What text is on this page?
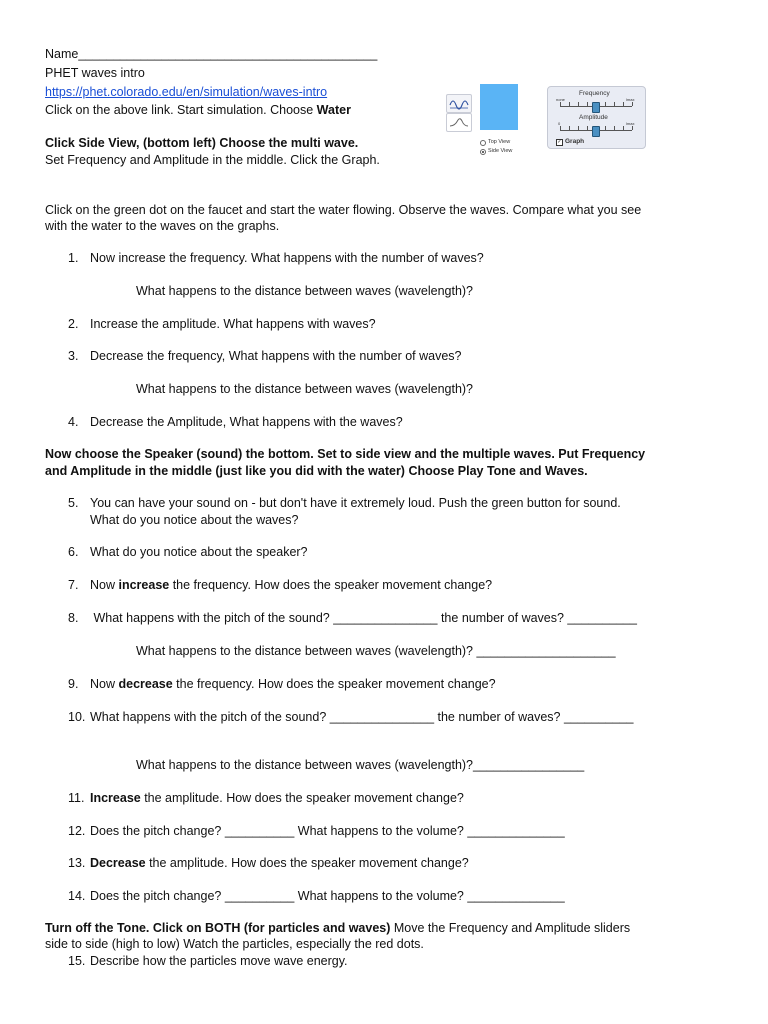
Name___________________________________________
PHET waves intro
https://phet.colorado.edu/en/simulation/waves-intro
Click on the above link. Start simulation. Choose Water
Click Side View, (bottom left) Choose the multi wave.
Set Frequency and Amplitude in the middle. Click the Graph.
Top View
Side View
Frequency
none	lmax
Amplitude
0	lmax
✓ Graph
Click on the green dot on the faucet and start the water flowing. Observe the waves. Compare what you see
with the water to the waves on the graphs.
1. Now increase the frequency. What happens with the number of waves?
What happens to the distance between waves (wavelength)?
2. Increase the amplitude. What happens with waves?
3. Decrease the frequency, What happens with the number of waves?
What happens to the distance between waves (wavelength)?
4. Decrease the Amplitude, What happens with the waves?
Now choose the Speaker (sound) the bottom. Set to side view and the multiple waves. Put Frequency
and Amplitude in the middle (just like you did with the water) Choose Play Tone and Waves.
5. You can have your sound on - but don't have it extremely loud. Push the green button for sound.
What do you notice about the waves?
6. What do you notice about the speaker?
7. Now increase the frequency. How does the speaker movement change?
8. What happens with the pitch of the sound? _______________ the number of waves? __________
What happens to the distance between waves (wavelength)? ____________________
9. Now decrease the frequency. How does the speaker movement change?
10. What happens with the pitch of the sound? _______________ the number of waves? __________
What happens to the distance between waves (wavelength)?________________
11. Increase the amplitude. How does the speaker movement change?
12. Does the pitch change? __________ What happens to the volume? ______________
13. Decrease the amplitude. How does the speaker movement change?
14. Does the pitch change? __________ What happens to the volume? ______________
Turn off the Tone. Click on BOTH (for particles and waves) Move the Frequency and Amplitude sliders
side to side (high to low) Watch the particles, especially the red dots.
15. Describe how the particles move wave energy.
